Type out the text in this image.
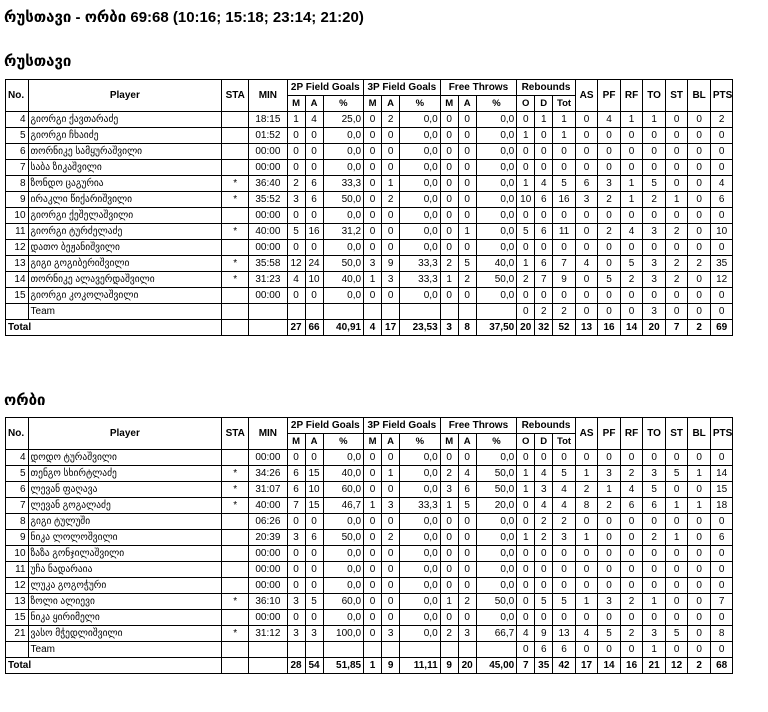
რუსთავი - ორბი 69:68 (10:16; 15:18; 23:14; 21:20)
რუსთავი
No.	Player	STA	MIN	2P Field Goals			3P Field Goals			Free Throws			Rebounds			AS	PF	RF	TO	ST	BL	PTS
				M	A	%	M	A	%	M	A	%	O	D	Tot							
4	გიორგი ქავთარაძე		18:15	1	4	25,0	0	2	0,0	0	0	0,0	0	1	1	0	4	1	1	0	0	2
5	გიორგი ჩხაიძე		01:52	0	0	0,0	0	0	0,0	0	0	0,0	1	0	1	0	0	0	0	0	0	0
6	თორნიკე სამყურაშვილი		00:00	0	0	0,0	0	0	0,0	0	0	0,0	0	0	0	0	0	0	0	0	0	0
7	საბა ზიკაშვილი		00:00	0	0	0,0	0	0	0,0	0	0	0,0	0	0	0	0	0	0	0	0	0	0
8	ზონდო ცაგურია	*	36:40	2	6	33,3	0	1	0,0	0	0	0,0	1	4	5	6	3	1	5	0	0	4
9	ირაკლი წიქარიშვილი	*	35:52	3	6	50,0	0	2	0,0	0	0	0,0	10	6	16	3	2	1	2	1	0	6
10	გიორგი ქეშელაშვილი		00:00	0	0	0,0	0	0	0,0	0	0	0,0	0	0	0	0	0	0	0	0	0	0
11	გიორგი ტურძელაძე	*	40:00	5	16	31,2	0	0	0,0	0	1	0,0	5	6	11	0	2	4	3	2	0	10
12	დათო ბეჟანიშვილი		00:00	0	0	0,0	0	0	0,0	0	0	0,0	0	0	0	0	0	0	0	0	0	0
13	გიგი გოგიბერიშვილი	*	35:58	12	24	50,0	3	9	33,3	2	5	40,0	1	6	7	4	0	5	3	2	2	35
14	თორნიკე ალავერდაშვილი	*	31:23	4	10	40,0	1	3	33,3	1	2	50,0	2	7	9	0	5	2	3	2	0	12
15	გიორგი კოკოლაშვილი		00:00	0	0	0,0	0	0	0,0	0	0	0,0	0	0	0	0	0	0	0	0	0	0
	Team												0	2	2	0	0	0	3	0	0	0
Total				27	66	40,91	4	17	23,53	3	8	37,50	20	32	52	13	16	14	20	7	2	69
ორბი
No.	Player	STA	MIN	2P Field Goals			3P Field Goals			Free Throws			Rebounds			AS	PF	RF	TO	ST	BL	PTS
				M	A	%	M	A	%	M	A	%	O	D	Tot							
4	დოდო ტურაშვილი		00:00	0	0	0,0	0	0	0,0	0	0	0,0	0	0	0	0	0	0	0	0	0	0
5	თენგო სხირტლაძე	*	34:26	6	15	40,0	0	1	0,0	2	4	50,0	1	4	5	1	3	2	3	5	1	14
6	ლევან ფაღავა	*	31:07	6	10	60,0	0	0	0,0	3	6	50,0	1	3	4	2	1	4	5	0	0	15
7	ლევან გოგალაძე	*	40:00	7	15	46,7	1	3	33,3	1	5	20,0	0	4	4	8	2	6	6	1	1	18
8	გიგი ტულუში		06:26	0	0	0,0	0	0	0,0	0	0	0,0	0	2	2	0	0	0	0	0	0	0
9	ნიკა ლოლოშვილი		20:39	3	6	50,0	0	2	0,0	0	0	0,0	1	2	3	1	0	0	2	1	0	6
10	ზაზა გონჯილაშვილი		00:00	0	0	0,0	0	0	0,0	0	0	0,0	0	0	0	0	0	0	0	0	0	0
11	უჩა ნადარაია		00:00	0	0	0,0	0	0	0,0	0	0	0,0	0	0	0	0	0	0	0	0	0	0
12	ლუკა გოგოჭური		00:00	0	0	0,0	0	0	0,0	0	0	0,0	0	0	0	0	0	0	0	0	0	0
13	ზოლი ალიევი	*	36:10	3	5	60,0	0	0	0,0	1	2	50,0	0	5	5	1	3	2	1	0	0	7
15	ნიკა ყირიმელი		00:00	0	0	0,0	0	0	0,0	0	0	0,0	0	0	0	0	0	0	0	0	0	0
21	ვასო მჭედლიშვილი	*	31:12	3	3	100,0	0	3	0,0	2	3	66,7	4	9	13	4	5	2	3	5	0	8
	Team												0	6	6	0	0	0	1	0	0	0
Total				28	54	51,85	1	9	11,11	9	20	45,00	7	35	42	17	14	16	21	12	2	68
